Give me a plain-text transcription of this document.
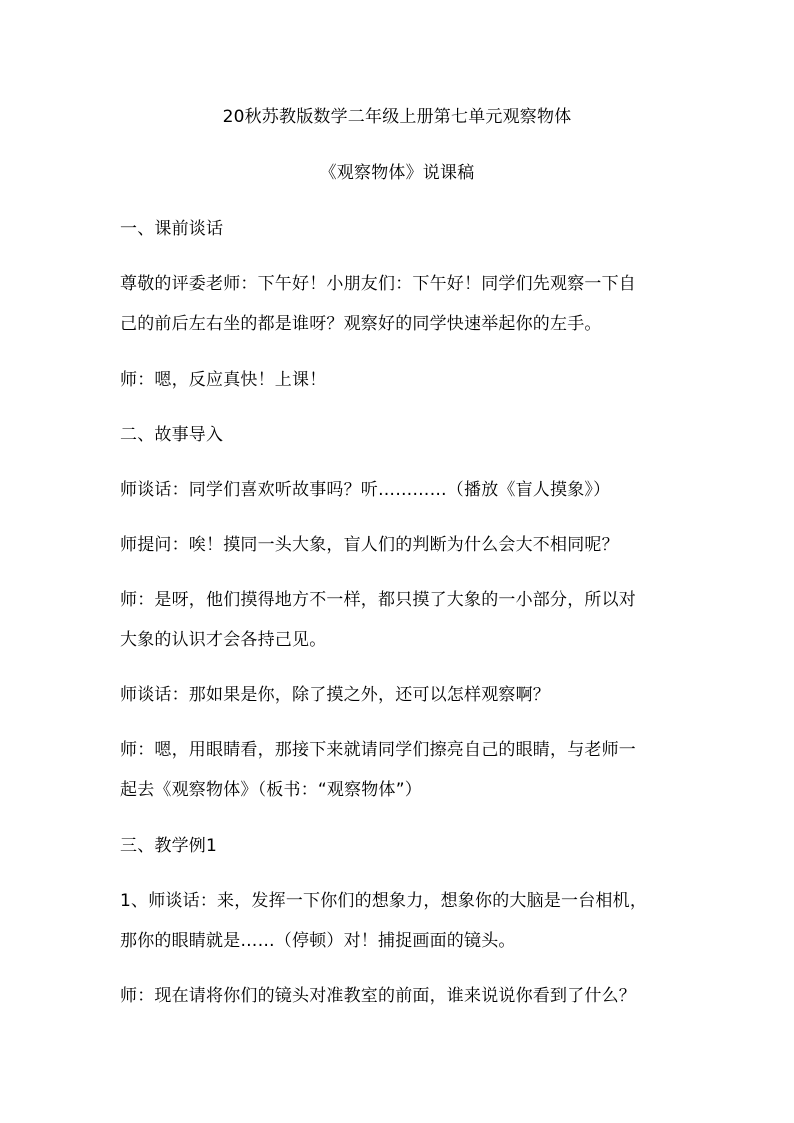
20秋苏教版数学二年级上册第七单元观察物体
《观察物体》说课稿
一、课前谈话
尊敬的评委老师：下午好！小朋友们：下午好！同学们先观察一下自
己的前后左右坐的都是谁呀？观察好的同学快速举起你的左手。
师：嗯，反应真快！上课！
二、故事导入
师谈话：同学们喜欢听故事吗？听…………（播放《盲人摸象》）
师提问：唉！摸同一头大象，盲人们的判断为什么会大不相同呢？
师：是呀，他们摸得地方不一样，都只摸了大象的一小部分，所以对
大象的认识才会各持己见。
师谈话：那如果是你，除了摸之外，还可以怎样观察啊？
师：嗯，用眼睛看，那接下来就请同学们擦亮自己的眼睛，与老师一
起去《观察物体》（板书：“观察物体”）
三、教学例1
1、师谈话：来，发挥一下你们的想象力，想象你的大脑是一台相机，
那你的眼睛就是……（停顿）对！捕捉画面的镜头。
师：现在请将你们的镜头对准教室的前面，谁来说说你看到了什么？
